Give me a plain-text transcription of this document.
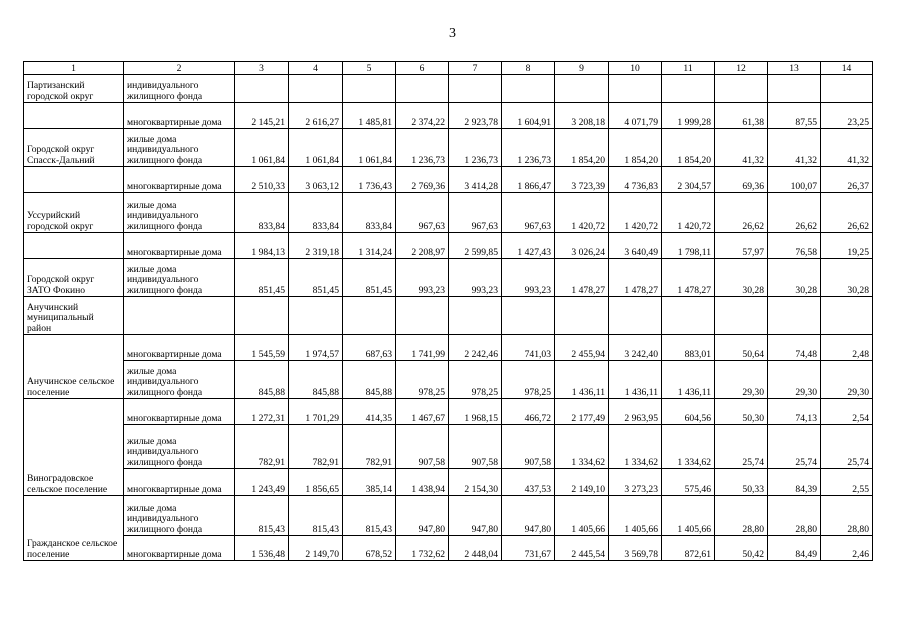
3
1	2	3	4	5	6	7	8	9	10	11	12	13	14
Партизанский городской округ	индивидуального жилищного фонда												
	многоквартирные дома	2 145,21	2 616,27	1 485,81	2 374,22	2 923,78	1 604,91	3 208,18	4 071,79	1 999,28	61,38	87,55	23,25
Городской округ Спасск-Дальний	жилые дома индивидуального жилищного фонда	1 061,84	1 061,84	1 061,84	1 236,73	1 236,73	1 236,73	1 854,20	1 854,20	1 854,20	41,32	41,32	41,32
	многоквартирные дома	2 510,33	3 063,12	1 736,43	2 769,36	3 414,28	1 866,47	3 723,39	4 736,83	2 304,57	69,36	100,07	26,37
Уссурийский городской округ	жилые дома индивидуального жилищного фонда	833,84	833,84	833,84	967,63	967,63	967,63	1 420,72	1 420,72	1 420,72	26,62	26,62	26,62
	многоквартирные дома	1 984,13	2 319,18	1 314,24	2 208,97	2 599,85	1 427,43	3 026,24	3 640,49	1 798,11	57,97	76,58	19,25
Городской округ ЗАТО Фокино	жилые дома индивидуального жилищного фонда	851,45	851,45	851,45	993,23	993,23	993,23	1 478,27	1 478,27	1 478,27	30,28	30,28	30,28
Анучинский муниципальный район													
Анучинское сельское поселение	многоквартирные дома	1 545,59	1 974,57	687,63	1 741,99	2 242,46	741,03	2 455,94	3 242,40	883,01	50,64	74,48	2,48
	жилые дома индивидуального жилищного фонда	845,88	845,88	845,88	978,25	978,25	978,25	1 436,11	1 436,11	1 436,11	29,30	29,30	29,30
Виноградовское сельское поселение	многоквартирные дома	1 272,31	1 701,29	414,35	1 467,67	1 968,15	466,72	2 177,49	2 963,95	604,56	50,30	74,13	2,54
	жилые дома индивидуального жилищного фонда	782,91	782,91	782,91	907,58	907,58	907,58	1 334,62	1 334,62	1 334,62	25,74	25,74	25,74
	многоквартирные дома	1 243,49	1 856,65	385,14	1 438,94	2 154,30	437,53	2 149,10	3 273,23	575,46	50,33	84,39	2,55
Гражданское сельское поселение	жилые дома индивидуального жилищного фонда	815,43	815,43	815,43	947,80	947,80	947,80	1 405,66	1 405,66	1 405,66	28,80	28,80	28,80
	многоквартирные дома	1 536,48	2 149,70	678,52	1 732,62	2 448,04	731,67	2 445,54	3 569,78	872,61	50,42	84,49	2,46
